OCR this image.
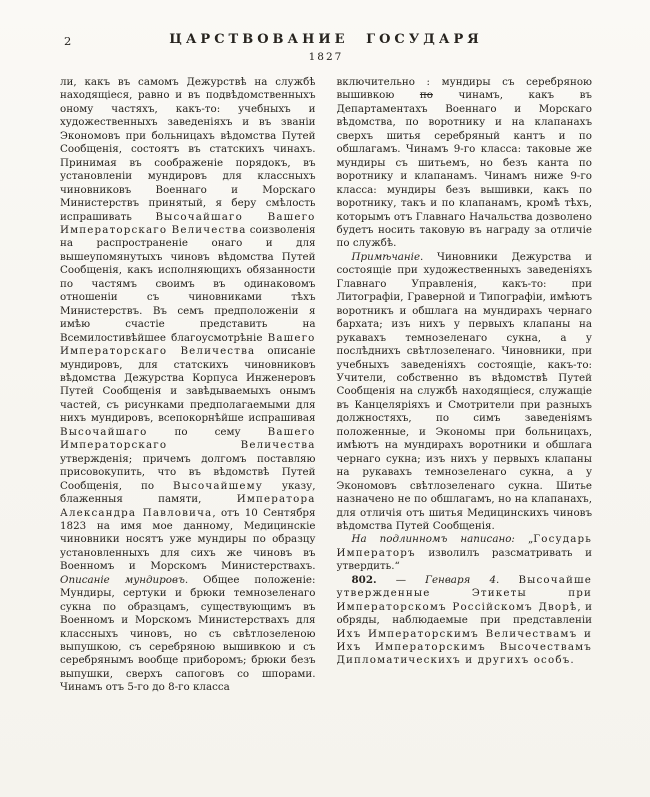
2	ЦАРСТВОВАНИЕ ГОСУДАРЯ
1827

ли, какъ въ самомъ Дежурствѣ на службѣ находящіеся, равно и въ подвѣдомственныхъ оному частяхъ, какъ-то: учебныхъ и художественныхъ заведеніяхъ и въ званіи Экономовъ при больницахъ вѣдомства Путей Сообщенія, состоятъ въ статскихъ чинахъ. Принимая въ соображеніе порядокъ, въ установленіи мундировъ для классныхъ чиновниковъ Военнаго и Морскаго Министерствъ принятый, я беру смѣлость испрашивать Высочайшаго Вашего Императорскаго Величества соизволенія на распространеніе онаго и для вышеупомянутыхъ чиновъ вѣдомства Путей Сообщенія, какъ исполняющихъ обязанности по частямъ своимъ въ одинаковомъ отношеніи съ чиновниками тѣхъ Министерствъ. Въ семъ предположеніи я имѣю счастіе представить на Всемилостивѣйшее благоусмотрѣніе Вашего Императорскаго Величества описаніе мундировъ, для статскихъ чиновниковъ вѣдомства Дежурства Корпуса Инженеровъ Путей Сообщенія и завѣдываемыхъ онымъ частей, съ рисунками предполагаемыми для нихъ мундировъ, всепокорнѣйше испрашивая Высочайшаго по сему Вашего Императорскаго Величества утвержденія; причемъ долгомъ поставляю присовокупить, что въ вѣдомствѣ Путей Сообщенія, по Высочайшему указу, блаженныя памяти, Императора Александра Павловича, отъ 10 Сентября 1823 на имя мое данному, Медицинскіе чиновники носятъ уже мундиры по образцу установленныхъ для сихъ же чиновъ въ Военномъ и Морскомъ Министерствахъ. Описаніе мундировъ. Общее положеніе: Мундиры, сертуки и брюки темнозеленаго сукна по образцамъ, существующимъ въ Военномъ и Морскомъ Министерствахъ для классныхъ чиновъ, но съ свѣтлозеленою выпушкою, съ серебряною вышивкою и съ серебрянымъ вообще приборомъ; брюки безъ выпушки, сверхъ сапоговъ со шпорами. Чинамъ отъ 5-го до 8-го класса

включительно : мундиры съ серебряною вышивкою по чинамъ, какъ въ Департаментахъ Военнаго и Морскаго вѣдомства, по воротнику и на клапанахъ сверхъ шитья серебряный кантъ и по обшлагамъ. Чинамъ 9-го класса: таковые же мундиры съ шитьемъ, но безъ канта по воротнику и клапанамъ. Чинамъ ниже 9-го класса: мундиры безъ вышивки, какъ по воротнику, такъ и по клапанамъ, кромѣ тѣхъ, которымъ отъ Главнаго Начальства дозволено будетъ носить таковую въ награду за отличіе по службѣ.

Примѣчаніе. Чиновники Дежурства и состоящіе при художественныхъ заведеніяхъ Главнаго Управленія, какъ-то: при Литографіи, Граверной и Типографіи, имѣютъ воротникъ и обшлага на мундирахъ чернаго бархата; изъ нихъ у первыхъ клапаны на рукавахъ темнозеленаго сукна, а у послѣднихъ свѣтлозеленаго. Чиновники, при учебныхъ заведеніяхъ состоящіе, какъ-то: Учители, собственно въ вѣдомствѣ Путей Сообщенія на службѣ находящіеся, служащіе въ Канцеляріяхъ и Смотрители при разныхъ должностяхъ, по симъ заведеніямъ положенные, и Экономы при больницахъ, имѣютъ на мундирахъ воротники и обшлага чернаго сукна; изъ нихъ у первыхъ клапаны на рукавахъ темнозеленаго сукна, а у Экономовъ свѣтлозеленаго сукна. Шитье назначено не по обшлагамъ, но на клапанахъ, для отличія отъ шитья Медицинскихъ чиновъ вѣдомства Путей Сообщенія.

На подлинномъ написано: „Государь Императоръ изволилъ разсматривать и утвердить.“

802. — Генваря 4. Высочайше утвержденные Этикеты при Императорскомъ Россійскомъ Дворѣ, и обряды, наблюдаемые при представленіи Ихъ Императорскимъ Величествамъ и Ихъ Императорскимъ Высочествамъ Дипломатическихъ и другихъ особъ.
